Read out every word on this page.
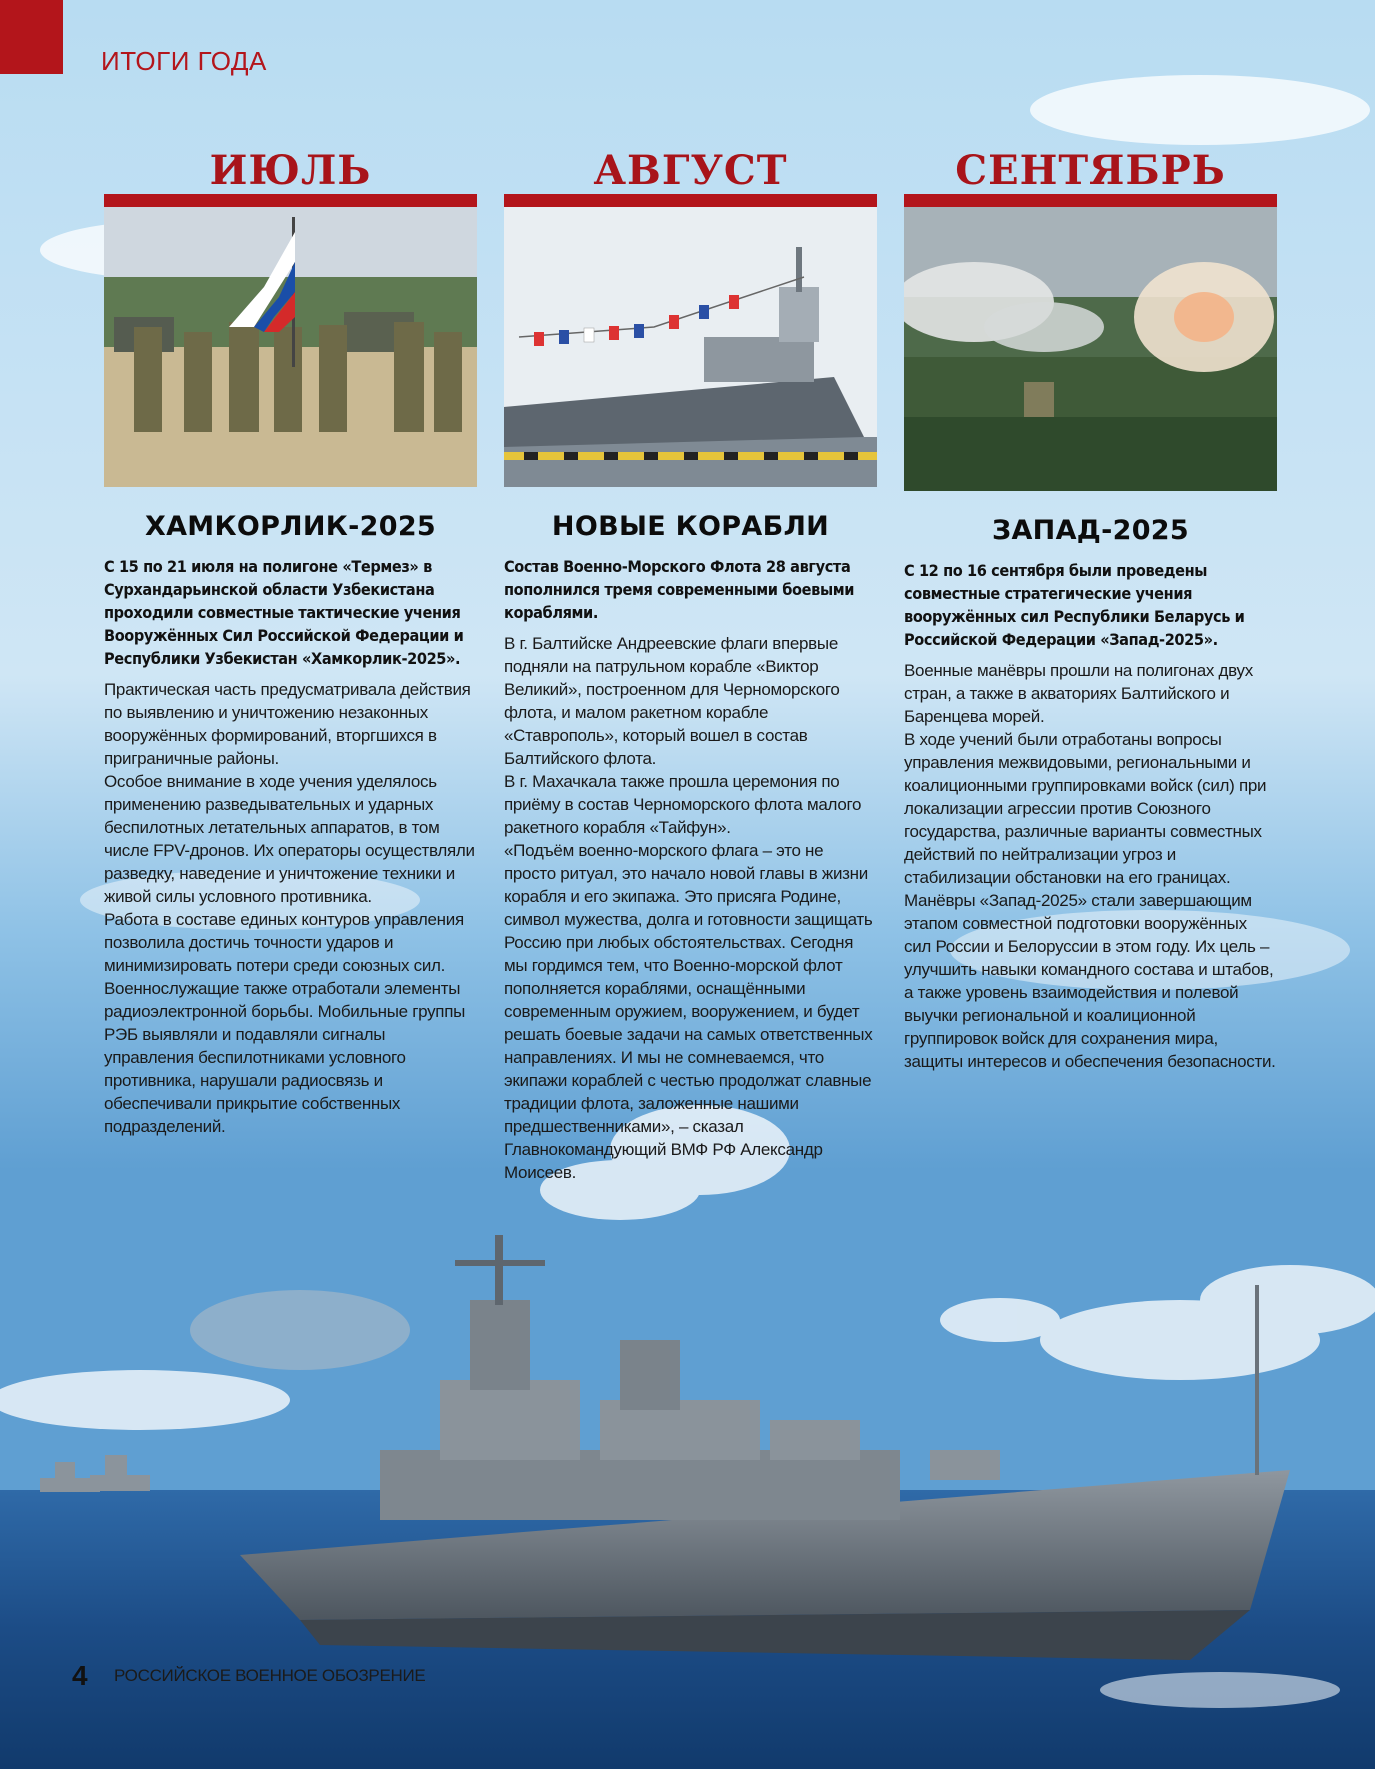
ИТОГИ ГОДА
ИЮЛЬ
ХАМКОРЛИК-2025
С 15 по 21 июля на полигоне «Термез» в Сурхандарьинской области Узбекистана проходили совместные тактические учения Вооружённых Сил Российской Федерации и Республики Узбекистан «Хамкорлик-2025».

Практическая часть предусматривала действия по выявлению и уничтожению незаконных вооружённых формирований, вторгшихся в приграничные районы.

Особое внимание в ходе учения уделялось применению разведывательных и ударных беспилотных летательных аппаратов, в том числе FPV-дронов. Их операторы осуществляли разведку, наведение и уничтожение техники и живой силы условного противника.

Работа в составе единых контуров управления позволила достичь точности ударов и минимизировать потери среди союзных сил.

Военнослужащие также отработали элементы радиоэлектронной борьбы. Мобильные группы РЭБ выявляли и подавляли сигналы управления беспилотниками условного противника, нарушали радиосвязь и обеспечивали прикрытие собственных подразделений.

АВГУСТ
НОВЫЕ КОРАБЛИ
Состав Военно-Морского Флота 28 августа пополнился тремя современными боевыми кораблями.

В г. Балтийске Андреевские флаги впервые подняли на патрульном корабле «Виктор Великий», построенном для Черноморского флота, и малом ракетном корабле «Ставрополь», который вошел в состав Балтийского флота.

В г. Махачкала также прошла церемония по приёму в состав Черноморского флота малого ракетного корабля «Тайфун».

«Подъём военно-морского флага – это не просто ритуал, это начало новой главы в жизни корабля и его экипажа. Это присяга Родине, символ мужества, долга и готовности защищать Россию при любых обстоятельствах. Сегодня мы гордимся тем, что Военно-морской флот пополняется кораблями, оснащёнными современным оружием, вооружением, и будет решать боевые задачи на самых ответственных направлениях. И мы не сомневаемся, что экипажи кораблей с честью продолжат славные традиции флота, заложенные нашими предшественниками», – сказал Главнокомандующий ВМФ РФ Александр Моисеев.

СЕНТЯБРЬ
ЗАПАД-2025
С 12 по 16 сентября были проведены совместные стратегические учения вооружённых сил Республики Беларусь и Российской Федерации «Запад-2025».

Военные манёвры прошли на полигонах двух стран, а также в акваториях Балтийского и Баренцева морей.

В ходе учений были отработаны вопросы управления межвидовыми, региональными и коалиционными группировками войск (сил) при локализации агрессии против Союзного государства, различные варианты совместных действий по нейтрализации угроз и стабилизации обстановки на его границах.

Манёвры «Запад-2025» стали завершающим этапом совместной подготовки вооружённых сил России и Белоруссии в этом году. Их цель – улучшить навыки командного состава и штабов, а также уровень взаимодействия и полевой выучки региональной и коалиционной группировок войск для сохранения мира, защиты интересов и обеспечения безопасности.

4 РОССИЙСКОЕ ВОЕННОЕ ОБОЗРЕНИЕ
